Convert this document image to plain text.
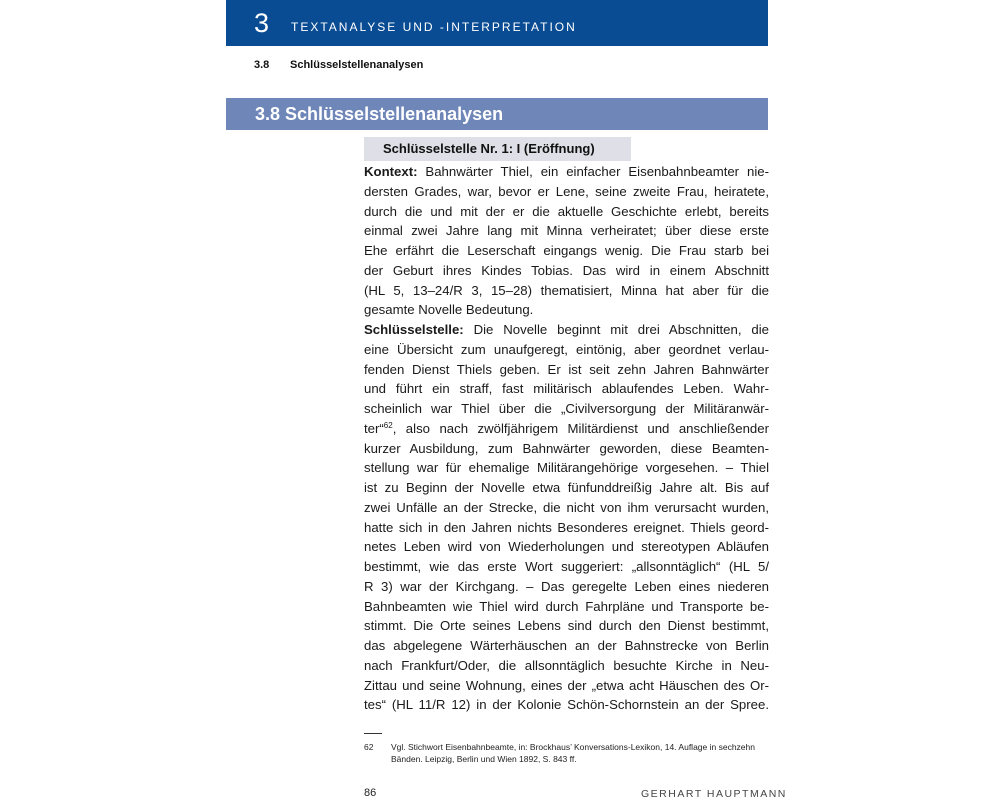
3 TEXTANALYSE UND -INTERPRETATION
3.8 Schlüsselstellenanalysen
3.8 Schlüsselstellenanalysen
Schlüsselstelle Nr. 1: I (Eröffnung)
Kontext: Bahnwärter Thiel, ein einfacher Eisenbahnbeamter nie-
dersten Grades, war, bevor er Lene, seine zweite Frau, heiratete,
durch die und mit der er die aktuelle Geschichte erlebt, bereits
einmal zwei Jahre lang mit Minna verheiratet; über diese erste
Ehe erfährt die Leserschaft eingangs wenig. Die Frau starb bei
der Geburt ihres Kindes Tobias. Das wird in einem Abschnitt
(HL 5, 13–24/R 3, 15–28) thematisiert, Minna hat aber für die
gesamte Novelle Bedeutung.
Schlüsselstelle: Die Novelle beginnt mit drei Abschnitten, die
eine Übersicht zum unaufgeregt, eintönig, aber geordnet verlau-
fenden Dienst Thiels geben. Er ist seit zehn Jahren Bahnwärter
und führt ein straff, fast militärisch ablaufendes Leben. Wahr-
scheinlich war Thiel über die „Civilversorgung der Militäranwär-
ter“$^{62}$, also nach zwölfjährigem Militärdienst und anschließender
kurzer Ausbildung, zum Bahnwärter geworden, diese Beamten-
stellung war für ehemalige Militärangehörige vorgesehen. – Thiel
ist zu Beginn der Novelle etwa fünfunddreißig Jahre alt. Bis auf
zwei Unfälle an der Strecke, die nicht von ihm verursacht wurden,
hatte sich in den Jahren nichts Besonderes ereignet. Thiels geord-
netes Leben wird von Wiederholungen und stereotypen Abläufen
bestimmt, wie das erste Wort suggeriert: „allsonntäglich“ (HL 5/
R 3) war der Kirchgang. – Das geregelte Leben eines niederen
Bahnbeamten wie Thiel wird durch Fahrpläne und Transporte be-
stimmt. Die Orte seines Lebens sind durch den Dienst bestimmt,
das abgelegene Wärterhäuschen an der Bahnstrecke von Berlin
nach Frankfurt/Oder, die allsonntäglich besuchte Kirche in Neu-
Zittau und seine Wohnung, eines der „etwa acht Häuschen des Or-
tes“ (HL 11/R 12) in der Kolonie Schön-Schornstein an der Spree.
62 Vgl. Stichwort Eisenbahnbeamte, in: Brockhaus’ Konversations-Lexikon, 14. Auflage in sechzehn
Bänden. Leipzig, Berlin und Wien 1892, S. 843 ff.
86	GERHART HAUPTMANN
